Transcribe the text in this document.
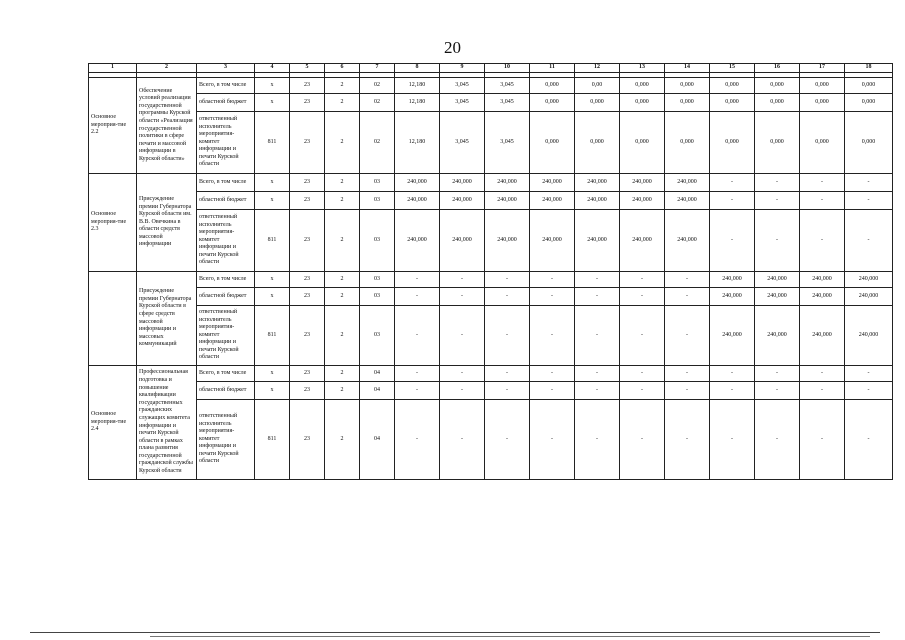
20
1	2	3	4	5	6	7	8	9	10	11	12	13	14	15	16	17	18

Основное мероприя-тие 2.2	Обеспечение условий реализации государственной программы Курской области «Реализация государственной политики в сфере печати и массовой информации в Курской области»	Всего, в том числе	x	23	2	02	12,180	3,045	3,045	0,000	0,00	0,000	0,000	0,000	0,000	0,000	0,000
		областной бюджет	x	23	2	02	12,180	3,045	3,045	0,000	0,000	0,000	0,000	0,000	0,000	0,000	0,000
		ответственный исполнитель мероприятия-комитет информации и печати Курской области	811	23	2	02	12,180	3,045	3,045	0,000	0,000	0,000	0,000	0,000	0,000	0,000	0,000
Основное мероприя-тие 2.3	Присуждение премии Губернатора Курской области им. В.В. Овечкина в области средств массовой информации	Всего, в том числе	x	23	2	03	240,000	240,000	240,000	240,000	240,000	240,000	240,000	-	-	-	-
		областной бюджет	x	23	2	03	240,000	240,000	240,000	240,000	240,000	240,000	240,000	-	-	-	-
		ответственный исполнитель мероприятия-комитет информации и печати Курской области	811	23	2	03	240,000	240,000	240,000	240,000	240,000	240,000	240,000	-	-	-	-
	Присуждение премии Губернатора Курской области в сфере средств массовой информации и массовых коммуникаций	Всего, в том числе	x	23	2	03	-	-	-	-	-	-	-	240,000	240,000	240,000	240,000
		областной бюджет	x	23	2	03	-	-	-	-	-	-	-	240,000	240,000	240,000	240,000
		ответственный исполнитель мероприятия-комитет информации и печати Курской области	811	23	2	03	-	-	-	-	-	-	-	240,000	240,000	240,000	240,000
Основное мероприя-тие 2.4	Профессиональная подготовка и повышение квалификации государственных гражданских служащих комитета информации и печати Курской области в рамках плана развития государственной гражданской службы Курской области	Всего, в том числе	x	23	2	04	-	-	-	-	-	-	-	-	-	-	-
		областной бюджет	x	23	2	04	-	-	-	-	-	-	-	-	-	-	-
		ответственный исполнитель мероприятия-комитет информации и печати Курской области	811	23	2	04	-	-	-	-	-	-	-	-	-	-	-
